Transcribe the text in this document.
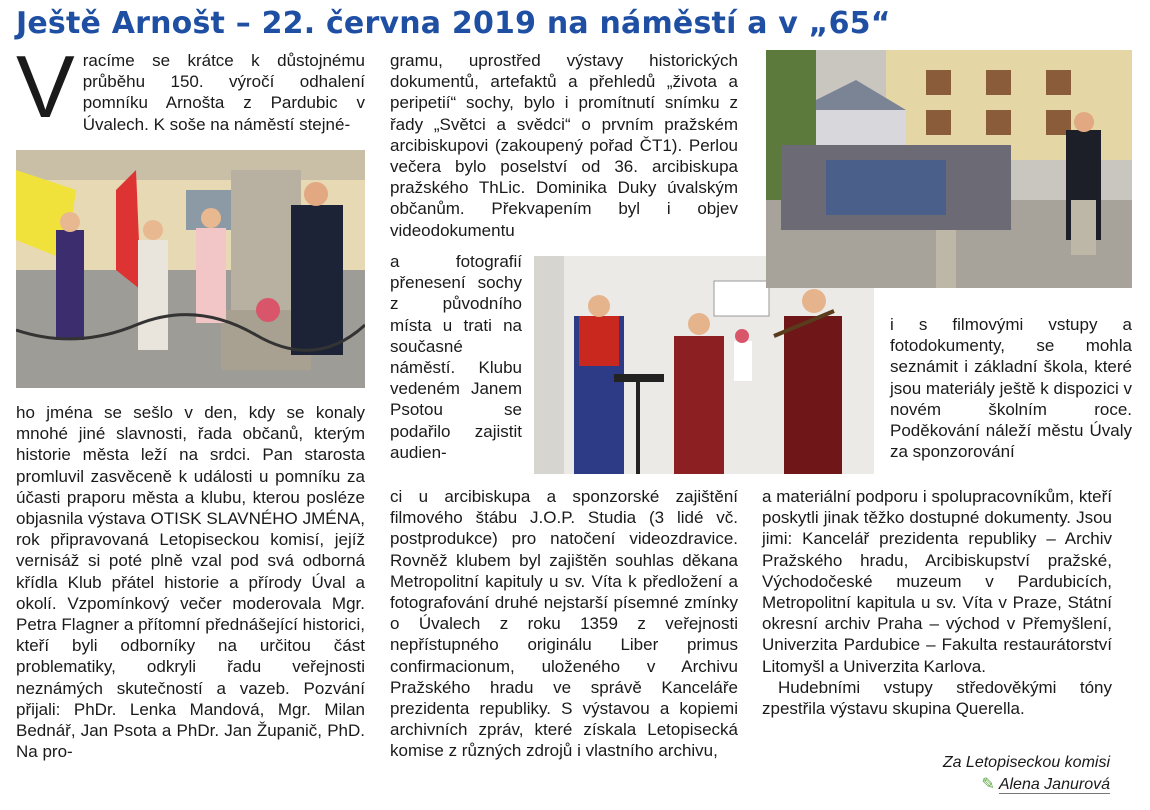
Ještě Arnošt – 22. června 2019 na náměstí a v „65“
V racíme se krátce k důstojnému průběhu 150. výročí odhalení pomníku Arnošta z Pardubic v Úvalech. K soše na náměstí stejné-

ho jména se sešlo v den, kdy se konaly mnohé jiné slavnosti, řada občanů, kterým historie města leží na srdci. Pan starosta promluvil zasvěceně k události u pomníku za účasti praporu města a klubu, kterou posléze objasnila výstava OTISK SLAVNÉHO JMÉNA, rok připravovaná Letopiseckou komisí, jejíž vernisáž si poté plně vzal pod svá odborná křídla Klub přátel historie a přírody Úval a okolí. Vzpomínkový večer moderovala Mgr. Petra Flagner a přítomní přednášející historici, kteří byli odborníky na určitou část problematiky, odkryli řadu veřejnosti neznámých skutečností a vazeb. Pozvání přijali: PhDr. Lenka Mandová, Mgr. Milan Bednář, Jan Psota a PhDr. Jan Županič, PhD. Na pro-

gramu, uprostřed výstavy historických dokumentů, artefaktů a přehledů „života a peripetií“ sochy, bylo i promítnutí snímku z řady „Světci a svědci“ o prvním pražském arcibiskupovi (zakoupený pořad ČT1). Perlou večera bylo poselství od 36. arcibiskupa pražského ThLic. Dominika Duky úvalským občanům. Překvapením byl i objev videodokumentu

a fotografií přenesení sochy z původního místa u trati na současné náměstí. Klubu vedeném Janem Psotou se podařilo zajistit audien-

ci u arcibiskupa a sponzorské zajištění filmového štábu J.O.P. Studia (3 lidé vč. postprodukce) pro natočení videozdravice. Rovněž klubem byl zajištěn souhlas děkana Metropolitní kapituly u sv. Víta k předložení a fotografování druhé nejstarší písemné zmínky o Úvalech z roku 1359 z veřejnosti nepřístupného originálu Liber primus confirmacionum, uloženého v Archivu Pražského hradu ve správě Kanceláře prezidenta republiky. S výstavou a kopiemi archivních zpráv, které získala Letopisecká komise z různých zdrojů i vlastního archivu,

i s filmovými vstupy a fotodokumenty, se mohla seznámit i základní škola, které jsou materiály ještě k dispozici v novém školním roce. Poděkování náleží městu Úvaly za sponzorování

a materiální podporu i spolupracovníkům, kteří poskytli jinak těžko dostupné dokumenty. Jsou jimi: Kancelář prezidenta republiky – Archiv Pražského hradu, Arcibiskupství pražské, Východočeské muzeum v Pardubicích, Metropolitní kapitula u sv. Víta v Praze, Státní okresní archiv Praha – východ v Přemyšlení, Univerzita Pardubice – Fakulta restaurátorství Litomyšl a Univerzita Karlova.

Hudebními vstupy středověkými tóny zpestřila výstavu skupina Querella.

Za Letopiseckou komisi
✎ Alena Janurová
